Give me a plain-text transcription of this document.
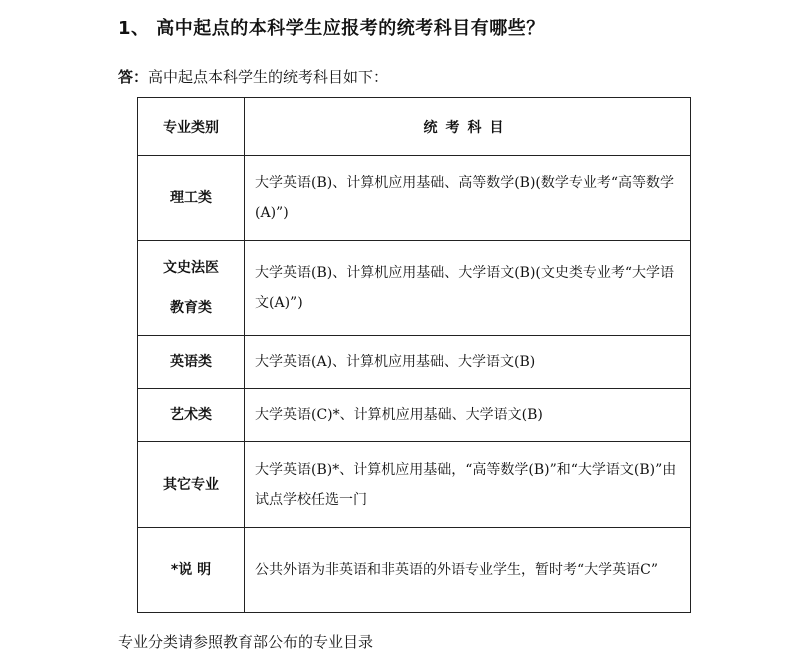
1、 高中起点的本科学生应报考的统考科目有哪些？
答：高中起点本科学生的统考科目如下：
专业类别	统考科目
理工类	大学英语(B)、计算机应用基础、高等数学(B)(数学专业考“高等数学(A)”)

文史法医
教育类	大学英语(B)、计算机应用基础、大学语文(B)(文史类专业考“大学语文(A)”)
英语类	大学英语(A)、计算机应用基础、大学语文(B)
艺术类	大学英语(C)*、计算机应用基础、大学语文(B)
其它专业	大学英语(B)*、计算机应用基础，“高等数学(B)”和“大学语文(B)”由试点学校任选一门
*说 明	公共外语为非英语和非英语的外语专业学生，暂时考“大学英语C”
专业分类请参照教育部公布的专业目录
